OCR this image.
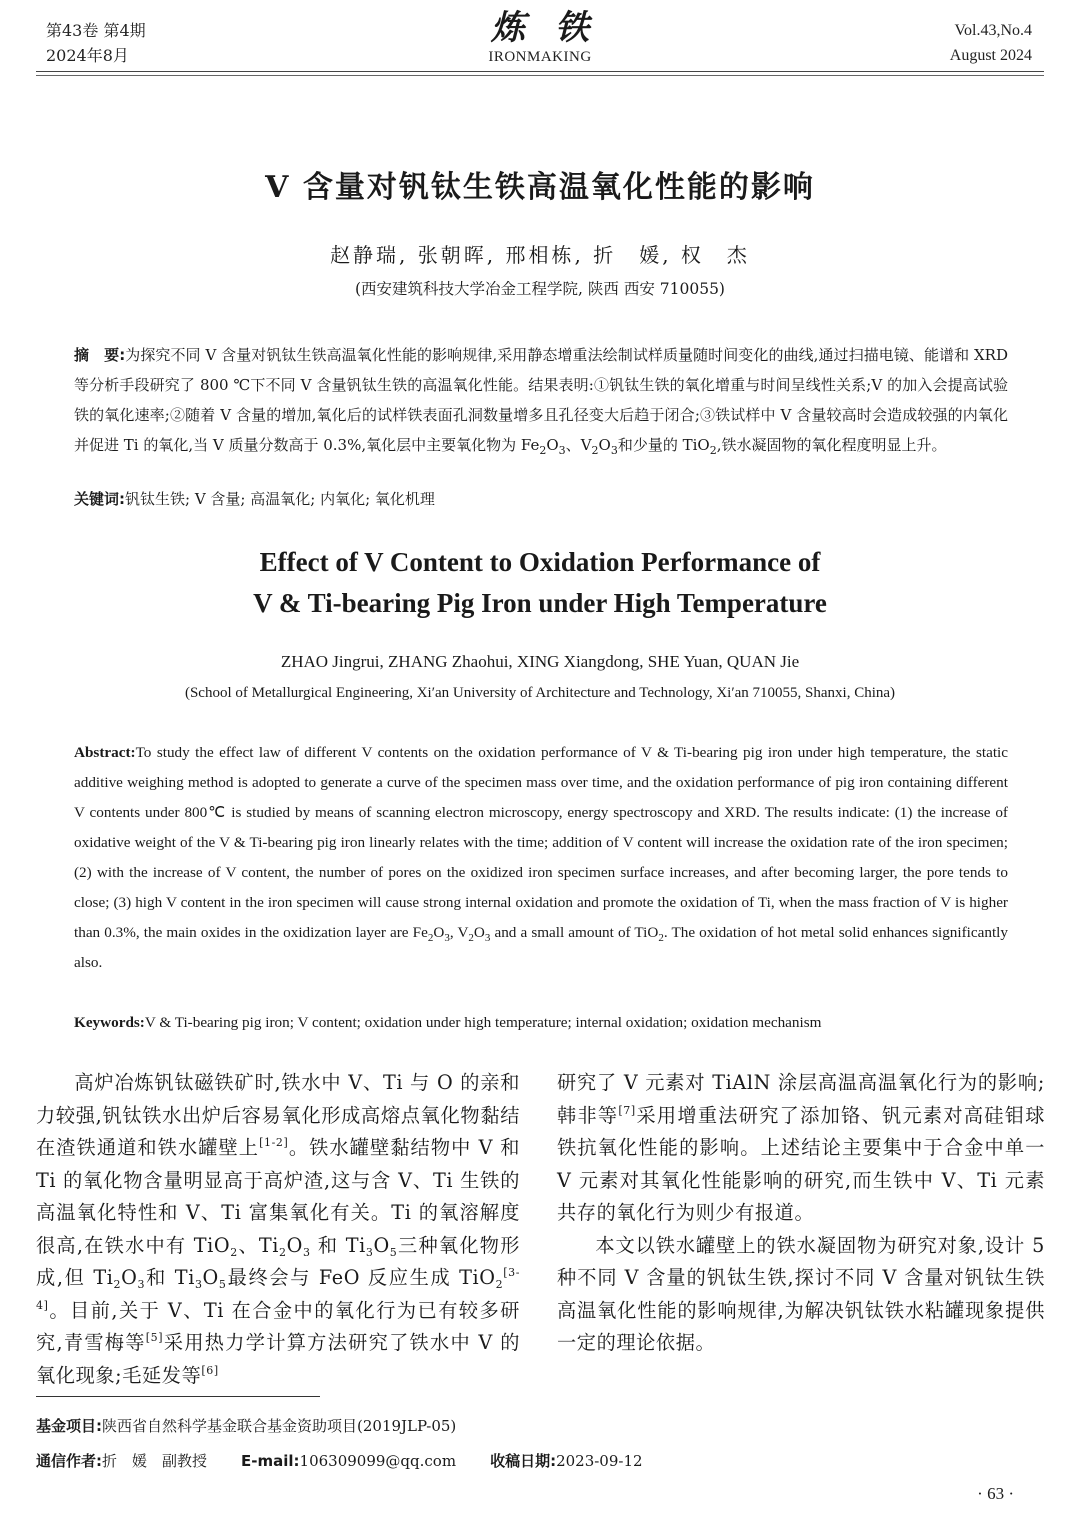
第43卷 第4期
2024年8月
炼铁
IRONMAKING
Vol.43,No.4
August 2024
V 含量对钒钛生铁高温氧化性能的影响
赵静瑞, 张朝晖, 邢相栋, 折　媛, 权　杰
(西安建筑科技大学冶金工程学院, 陕西 西安 710055)
摘　要:为探究不同 V 含量对钒钛生铁高温氧化性能的影响规律,采用静态增重法绘制试样质量随时间变化的曲线,通过扫描电镜、能谱和 XRD 等分析手段研究了 800 ℃下不同 V 含量钒钛生铁的高温氧化性能。结果表明:①钒钛生铁的氧化增重与时间呈线性关系;V 的加入会提高试验铁的氧化速率;②随着 V 含量的增加,氧化后的试样铁表面孔洞数量增多且孔径变大后趋于闭合;③铁试样中 V 含量较高时会造成较强的内氧化并促进 Ti 的氧化,当 V 质量分数高于 0.3%,氧化层中主要氧化物为 $Fe_2O_3$、$V_2O_3$和少量的 TiO$_2$,铁水凝固物的氧化程度明显上升。
关键词:钒钛生铁; V 含量; 高温氧化; 内氧化; 氧化机理
Effect of V Content to Oxidation Performance of
V & Ti-bearing Pig Iron under High Temperature
ZHAO Jingrui, ZHANG Zhaohui, XING Xiangdong, SHE Yuan, QUAN Jie
(School of Metallurgical Engineering, Xi′an University of Architecture and Technology, Xi′an 710055, Shanxi, China)
Abstract:To study the effect law of different V contents on the oxidation performance of V & Ti-bearing pig iron under high temperature, the static additive weighing method is adopted to generate a curve of the specimen mass over time, and the oxidation performance of pig iron containing different V contents under 800℃ is studied by means of scanning electron microscopy, energy spectroscopy and XRD. The results indicate: (1) the increase of oxidative weight of the V & Ti-bearing pig iron linearly relates with the time; addition of V content will increase the oxidation rate of the iron specimen; (2) with the increase of V content, the number of pores on the oxidized iron specimen surface increases, and after becoming larger, the pore tends to close; (3) high V content in the iron specimen will cause strong internal oxidation and promote the oxidation of Ti, when the mass fraction of V is higher than 0.3%, the main oxides in the oxidization layer are $Fe_2O_3$, $V_2O_3$ and a small amount of TiO$_2$. The oxidation of hot metal solid enhances significantly also.
Keywords:V & Ti-bearing pig iron; V content; oxidation under high temperature; internal oxidation; oxidation mechanism

高炉冶炼钒钛磁铁矿时,铁水中 V、Ti 与 O 的亲和力较强,钒钛铁水出炉后容易氧化形成高熔点氧化物黏结在渣铁通道和铁水罐壁上[1-2]。铁水罐壁黏结物中 V 和 Ti 的氧化物含量明显高于高炉渣,这与含 V、Ti 生铁的高温氧化特性和 V、Ti 富集氧化有关。Ti 的氧溶解度很高,在铁水中有 TiO$_2$、$Ti_2O_3$ 和 $Ti_3O_5$三种氧化物形成,但 $Ti_2O_3$和 $Ti_3O_5$最终会与 FeO 反应生成 TiO$_2$[3-4]。目前,关于 V、Ti 在合金中的氧化行为已有较多研究,青雪梅等[5]采用热力学计算方法研究了铁水中 V 的氧化现象;毛延发等[6]

研究了 V 元素对 TiAlN 涂层高温高温氧化行为的影响;韩非等[7]采用增重法研究了添加铬、钒元素对高硅钼球铁抗氧化性能的影响。上述结论主要集中于合金中单一 V 元素对其氧化性能影响的研究,而生铁中 V、Ti 元素共存的氧化行为则少有报道。

本文以铁水罐壁上的铁水凝固物为研究对象,设计 5 种不同 V 含量的钒钛生铁,探讨不同 V 含量对钒钛生铁高温氧化性能的影响规律,为解决钒钛铁水粘罐现象提供一定的理论依据。

基金项目:陕西省自然科学基金联合基金资助项目(2019JLP-05)
通信作者:折　媛　副教授 E-mail:106309099@qq.com 收稿日期:2023-09-12
· 63 ·
